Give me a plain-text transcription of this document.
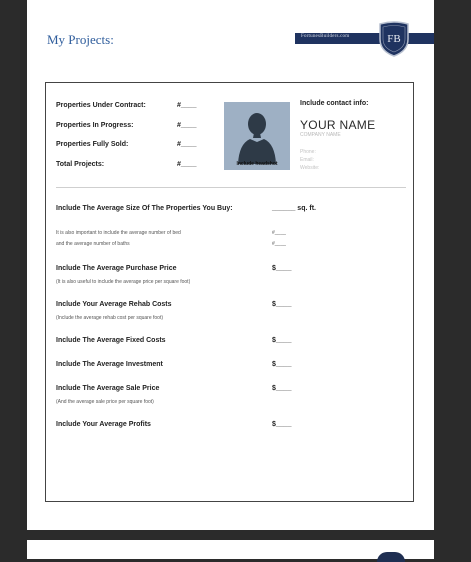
My Projects:	FortunesBuilders.com	FB
Properties Under Contract:	#____
Properties In Progress:	#____
Properties Fully Sold:	#____
Total Projects:	#____	Include headshot
Include contact info:
YOUR NAME
COMPANY NAME
Phone:
Email:
Website:
Include The Average Size Of The Properties You Buy:	______ sq. ft.
It is also important to include the average number of bed	#____
and the average number of baths	#____
Include The Average Purchase Price	$____
(It is also useful to include the average price per square foot)
Include Your Average Rehab Costs	$____
(Include the average rehab cost per square foot)
Include The Average Fixed Costs	$____
Include The Average Investment	$____
Include The Average Sale Price	$____
(And the average sale price per square foot)
Include Your Average Profits	$____
